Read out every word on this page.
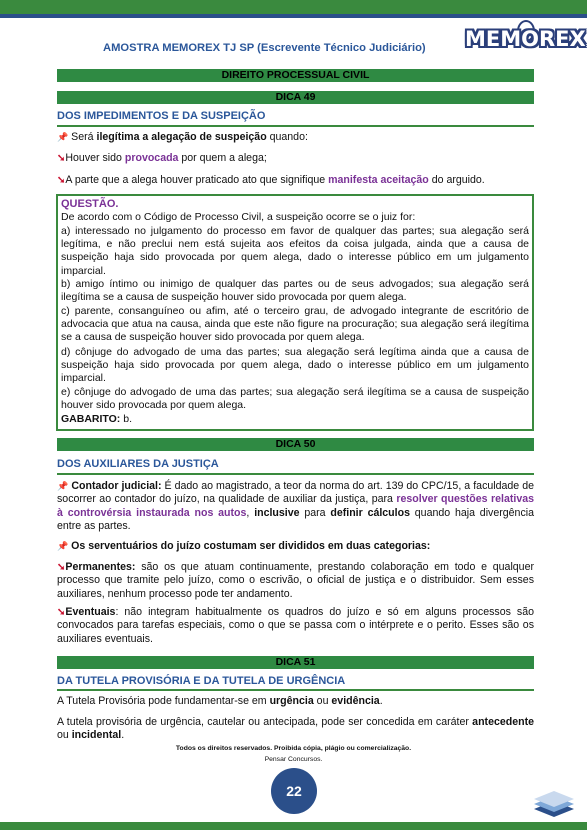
AMOSTRA MEMOREX TJ SP (Escrevente Técnico Judiciário) MEMOREX
DIREITO PROCESSUAL CIVIL
DICA 49
DOS IMPEDIMENTOS E DA SUSPEIÇÃO
📌 Será ilegítima a alegação de suspeição quando:
➘Houver sido provocada por quem a alega;
➘A parte que a alega houver praticado ato que signifique manifesta aceitação do arguido.
QUESTÃO.
De acordo com o Código de Processo Civil, a suspeição ocorre se o juiz for:
a) interessado no julgamento do processo em favor de qualquer das partes; sua alegação será legítima, e não preclui nem está sujeita aos efeitos da coisa julgada, ainda que a causa de suspeição haja sido provocada por quem alega, dado o interesse público em um julgamento imparcial.
b) amigo íntimo ou inimigo de qualquer das partes ou de seus advogados; sua alegação será ilegítima se a causa de suspeição houver sido provocada por quem alega.
c) parente, consanguíneo ou afim, até o terceiro grau, de advogado integrante de escritório de advocacia que atua na causa, ainda que este não figure na procuração; sua alegação será ilegítima se a causa de suspeição houver sido provocada por quem alega.
d) cônjuge do advogado de uma das partes; sua alegação será legítima ainda que a causa de suspeição haja sido provocada por quem alega, dado o interesse público em um julgamento imparcial.
e) cônjuge do advogado de uma das partes; sua alegação será ilegítima se a causa de suspeição houver sido provocada por quem alega.
GABARITO: b.
DICA 50
DOS AUXILIARES DA JUSTIÇA
📌 Contador judicial: É dado ao magistrado, a teor da norma do art. 139 do CPC/15, a faculdade de socorrer ao contador do juízo, na qualidade de auxiliar da justiça, para resolver questões relativas à controvérsia instaurada nos autos, inclusive para definir cálculos quando haja divergência entre as partes.
📌 Os serventuários do juízo costumam ser divididos em duas categorias:
➘Permanentes: são os que atuam continuamente, prestando colaboração em todo e qualquer processo que tramite pelo juízo, como o escrivão, o oficial de justiça e o distribuidor. Sem esses auxiliares, nenhum processo pode ter andamento.
➘Eventuais: não integram habitualmente os quadros do juízo e só em alguns processos são convocados para tarefas especiais, como o que se passa com o intérprete e o perito. Esses são os auxiliares eventuais.
DICA 51
DA TUTELA PROVISÓRIA E DA TUTELA DE URGÊNCIA
A Tutela Provisória pode fundamentar-se em urgência ou evidência.
A tutela provisória de urgência, cautelar ou antecipada, pode ser concedida em caráter antecedente ou incidental.
Todos os direitos reservados. Proibida cópia, plágio ou comercialização.
Pensar Concursos.
22
